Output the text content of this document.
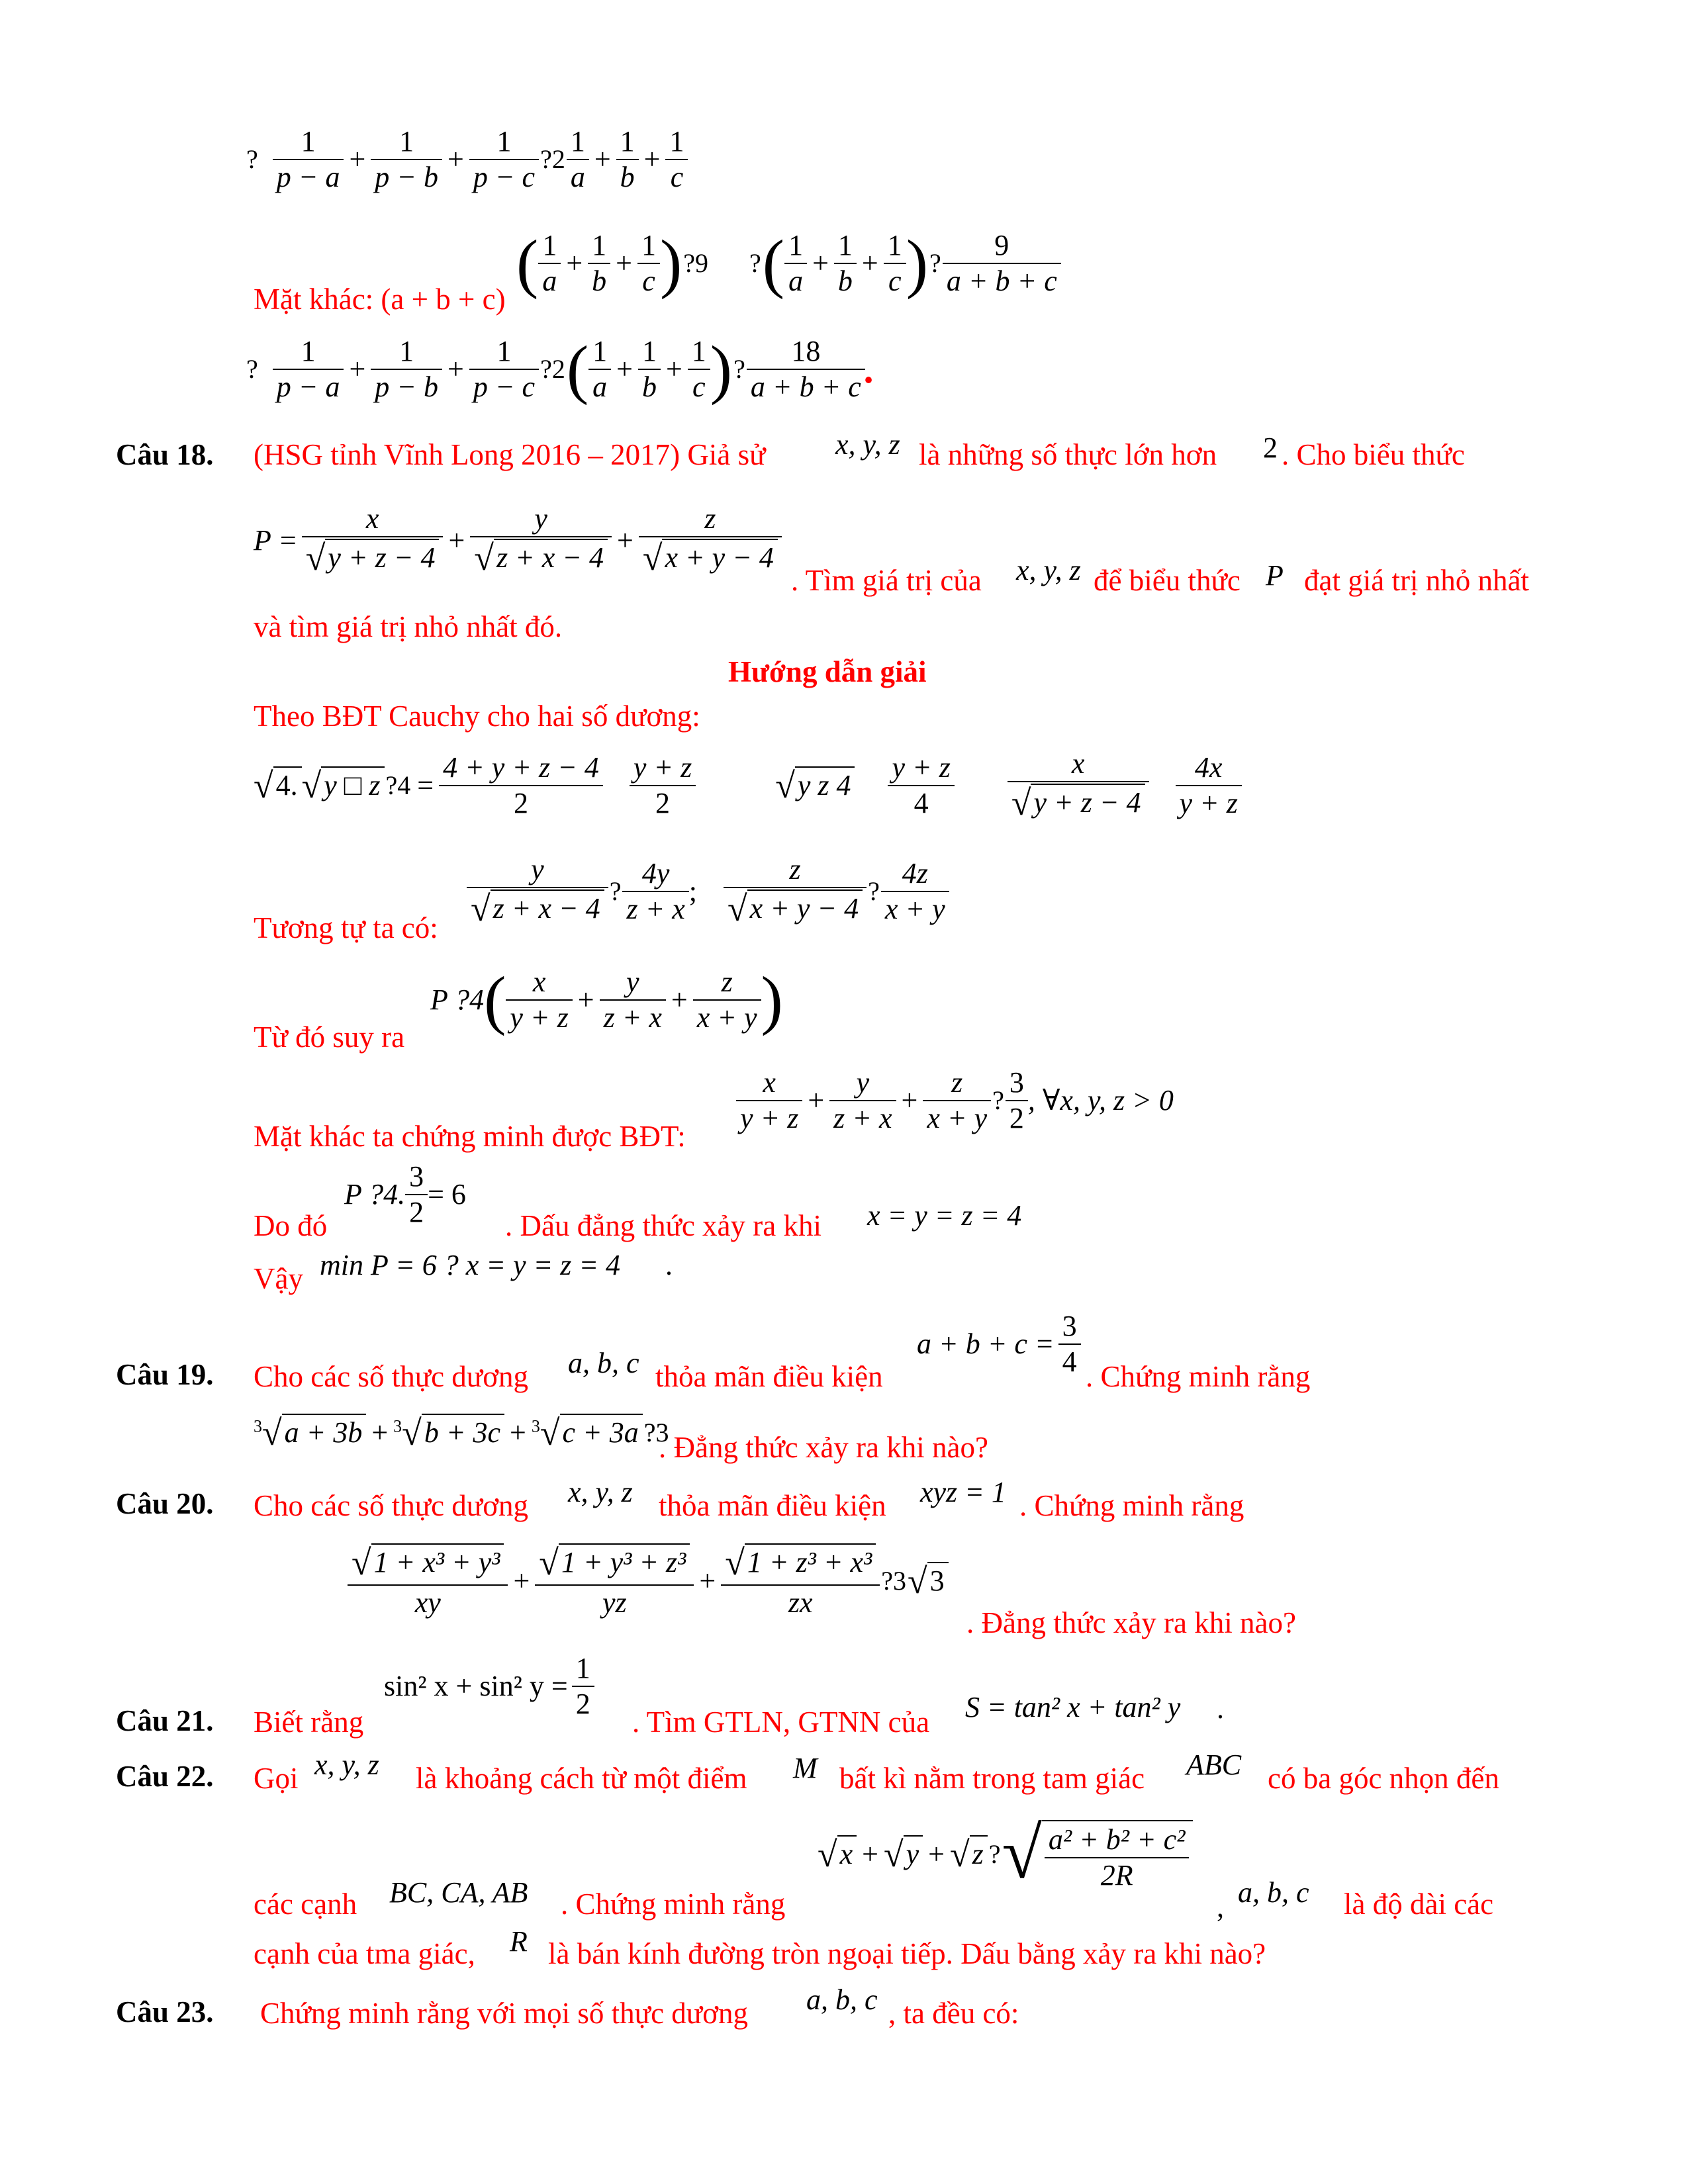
? $\frac{1}{p - a} + \frac{1}{p - b} + \frac{1}{p - c}$ ?2 $\frac{1}{a} + \frac{1}{b} + \frac{1}{c}$
( $\frac{1}{a} + \frac{1}{b} + \frac{1}{c}$ ) ?9 ? ( $\frac{1}{a} + \frac{1}{b} + \frac{1}{c}$ ) ? $\frac{9}{a + b + c}$
Mặt khác: (a + b + c)
? $\frac{1}{p - a} + \frac{1}{p - b} + \frac{1}{p - c}$ ?2 ( $\frac{1}{a} + \frac{1}{b} + \frac{1}{c}$ ) ? $\frac{18}{a + b + c}$ .
Câu 18. (HSG tỉnh Vĩnh Long 2016 – 2017) Giả sử x, y, z là những số thực lớn hơn 2 . Cho biểu thức
$P = \frac{x}{√y + z - 4} + \frac{y}{√z + x - 4} + \frac{z}{√x + y - 4}$
. Tìm giá trị của x, y, z để biểu thức P đạt giá trị nhỏ nhất
và tìm giá trị nhỏ nhất đó.
Hướng dẫn giải
Theo BĐT Cauchy cho hai số dương:
√4. √y □ z ?4 = $\frac{4 + y + z - 4}{2} \frac{y + z}{2} √y$ z $4 \frac{y + z}{4} \frac{x}{√y + z - 4} \frac{4x}{y + z}$
$\frac{y}{√z + x - 4}$ ? $\frac{4y}{z + x}$ ; $\frac{z}{√x + y - 4}$ ? $\frac{4z}{x + y}$
Tương tự ta có:
P ?4 ( $\frac{x}{y + z} + \frac{y}{z + x} + \frac{z}{x + y}$ )
Từ đó suy ra
$\frac{x}{y + z} + \frac{y}{z + x} + \frac{z}{x + y}$ ? $\frac{3}{2}$ , ∀x, y, z > 0
Mặt khác ta chứng minh được BĐT:
P ?4. $\frac{3}{2} = 6$
Do đó	. Dấu đẳng thức xảy ra khi x = y = z = 4
Vậy min P = 6 ? x = y = z = 4 .
Câu 19. Cho các số thực dương a, b, c thỏa mãn điều kiện
$a + b + c = \frac{3}{4}$ . Chứng minh rằng
$^3$√a + 3b + $^3$√b + 3c + $^3$√c + 3a ?3
. Đẳng thức xảy ra khi nào?
Câu 20. Cho các số thực dương x, y, z thỏa mãn điều kiện xyz = 1 . Chứng minh rằng
$\frac{\text{√1 + x³ + y³}}{xy} + \frac{\text{√1 + y³ + z³}}{yz} + \frac{\text{√1 + z³ + x³}}{zx}$ ?3 √3
. Đẳng thức xảy ra khi nào?
Câu 21. Biết rằng
sin² x + sin² $y = \frac{1}{2}$
. Tìm GTLN, GTNN của S = tan² x + tan² y .
Câu 22. Gọi x, y, z là khoảng cách từ một điểm M bất kì nằm trong tam giác ABC có ba góc nhọn đến
các cạnh BC, CA, AB . Chứng minh rằng
√x + √y + √z ? √ $\frac{\text{a² + b² + c²}}{2R}$
, a, b, c là độ dài các
cạnh của tma giác, R là bán kính đường tròn ngoại tiếp. Dấu bằng xảy ra khi nào?
Câu 23. Chứng minh rằng với mọi số thực dương a, b, c , ta đều có:
